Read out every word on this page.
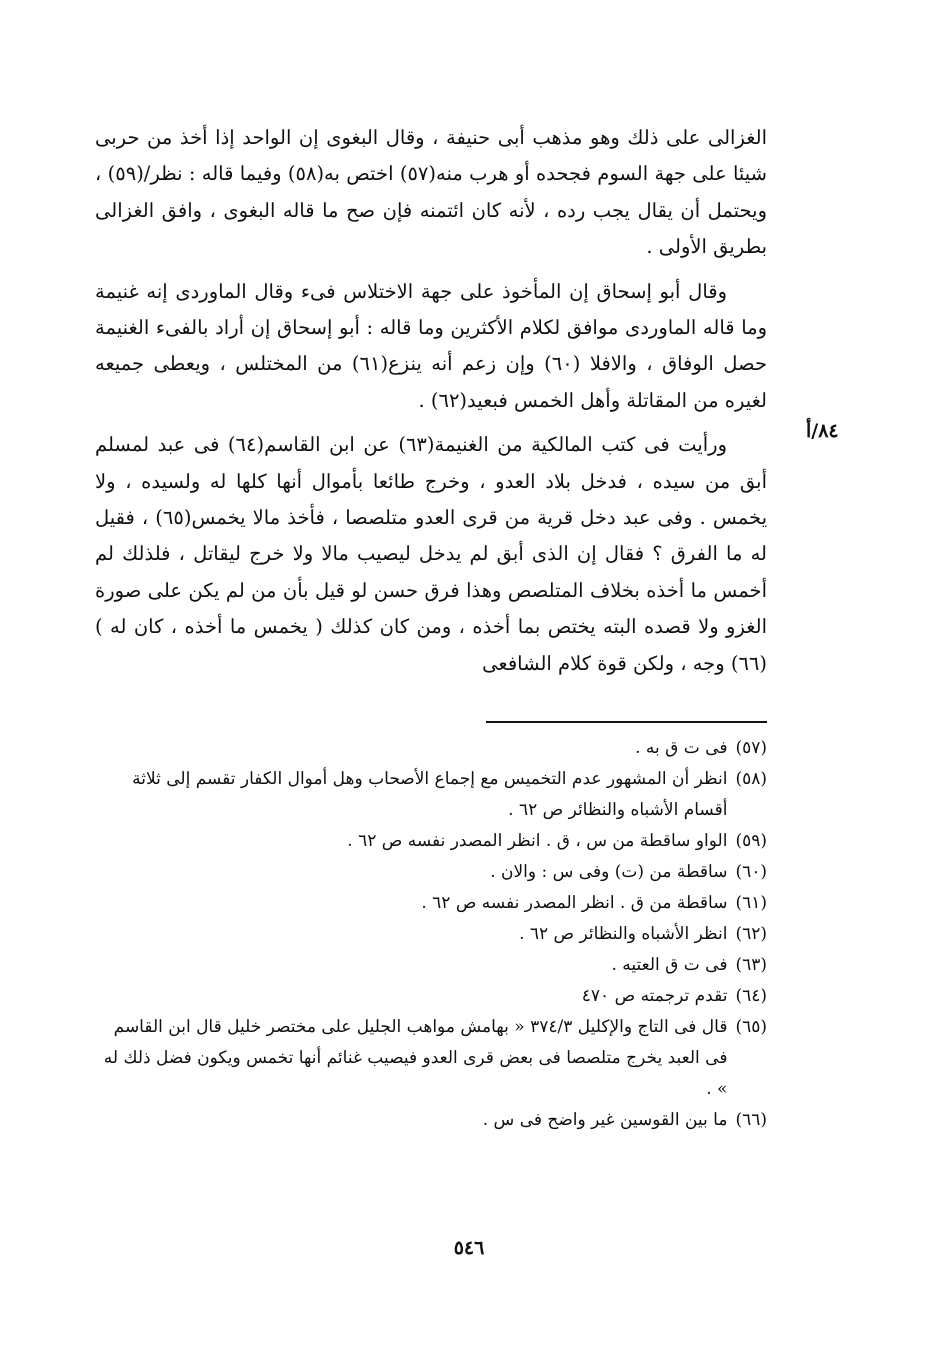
الغزالى على ذلك وهو مذهب أبى حنيفة ، وقال البغوى إن الواحد إذا أخذ من حربى شيئا على جهة السوم فجحده أو هرب منه(٥٧) اختص به(٥٨) وفيما قاله : نظر/(٥٩) ، ويحتمل أن يقال يجب رده ، لأنه كان ائتمنه فإن صح ما قاله البغوى ، وافق الغزالى بطريق الأولى .

وقال أبو إسحاق إن المأخوذ على جهة الاختلاس فىء وقال الماوردى إنه غنيمة وما قاله الماوردى موافق لكلام الأكثرين وما قاله : أبو إسحاق إن أراد بالفىء الغنيمة حصل الوفاق ، والافلا (٦٠) وإن زعم أنه ينزع(٦١) من المختلس ، ويعطى جميعه لغيره من المقاتلة وأهل الخمس فبعيد(٦٢) .

ورأيت فى كتب المالكية من الغنيمة(٦٣) عن ابن القاسم(٦٤) فى عبد لمسلم أبق من سيده ، فدخل بلاد العدو ، وخرج طائعا بأموال أنها كلها له ولسيده ، ولا يخمس . وفى عبد دخل قرية من قرى العدو متلصصا ، فأخذ مالا يخمس(٦٥) ، فقيل له ما الفرق ؟ فقال إن الذى أبق لم يدخل ليصيب مالا ولا خرج ليقاتل ، فلذلك لم أخمس ما أخذه بخلاف المتلصص وهذا فرق حسن لو قيل بأن من لم يكن على صورة الغزو ولا قصده البته يختص بما أخذه ، ومن كان كذلك ( يخمس ما أخذه ، كان له )(٦٦) وجه ، ولكن قوة كلام الشافعى

٨٤/أ
(٥٧)
فى ت ق به .
(٥٨)
انظر أن المشهور عدم التخميس مع إجماع الأصحاب وهل أموال الكفار تقسم إلى ثلاثة أقسام الأشباه والنظائر ص ٦٢ .
(٥٩)
الواو ساقطة من س ، ق . انظر المصدر نفسه ص ٦٢ .
(٦٠)
ساقطة من (ت) وفى س : والان .
(٦١)
ساقطة من ق . انظر المصدر نفسه ص ٦٢ .
(٦٢)
انظر الأشباه والنظائر ص ٦٢ .
(٦٣)
فى ت ق العتيه .
(٦٤)
تقدم ترجمته ص ٤٧٠
(٦٥)
قال فى التاج والإكليل ٣٧٤/٣ « بهامش مواهب الجليل على مختصر خليل قال ابن القاسم فى العبد يخرج متلصصا فى بعض قرى العدو فيصيب غنائم أنها تخمس ويكون فضل ذلك له » .
(٦٦)
ما بين القوسين غير واضح فى س .
٥٤٦
